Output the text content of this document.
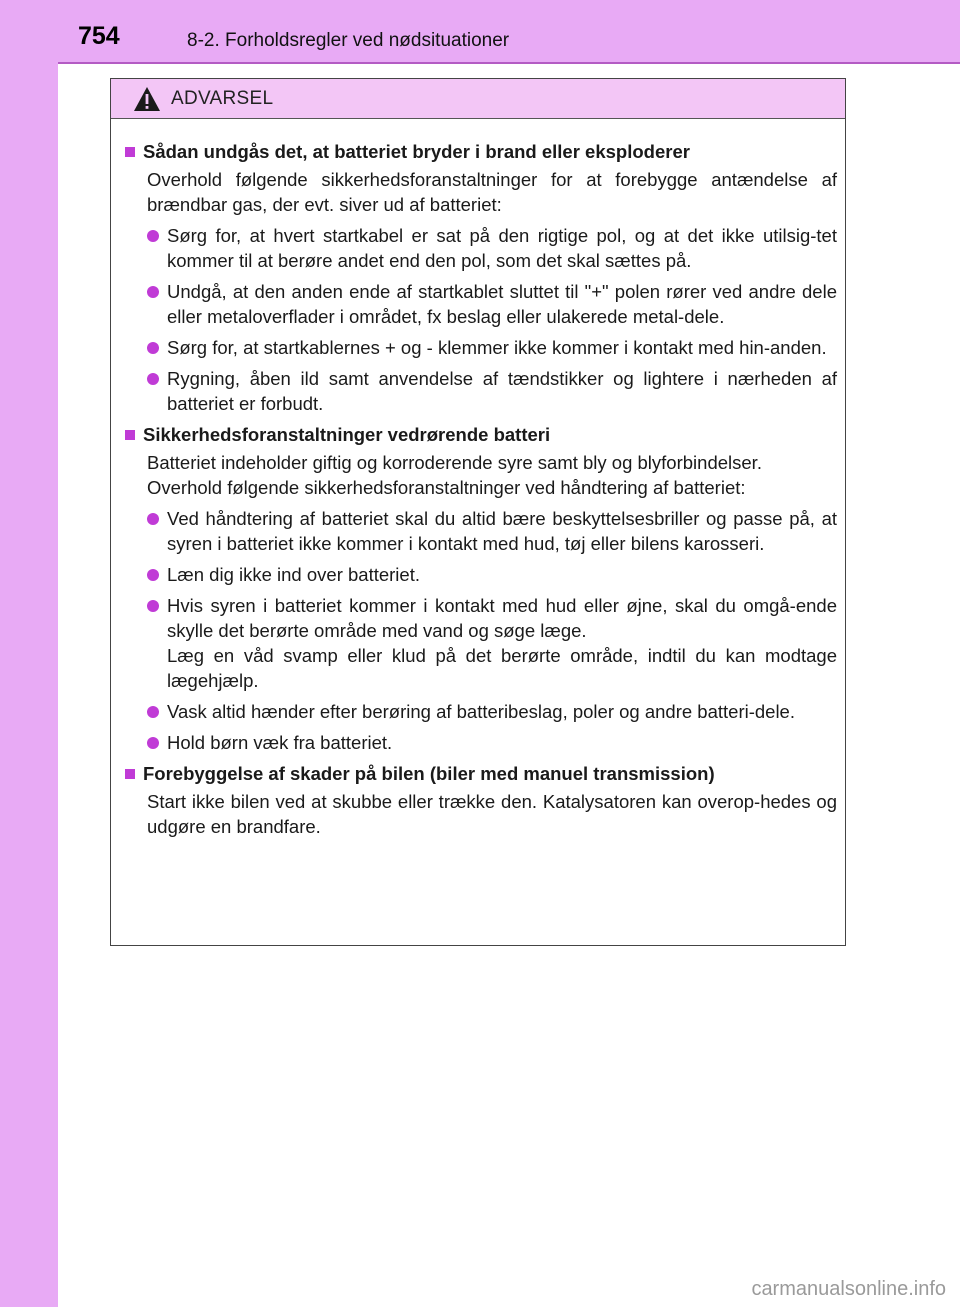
754	8-2. Forholdsregler ved nødsituationer
ADVARSEL
Sådan undgås det, at batteriet bryder i brand eller eksploderer
Overhold følgende sikkerhedsforanstaltninger for at forebygge antændelse af brændbar gas, der evt. siver ud af batteriet:
Sørg for, at hvert startkabel er sat på den rigtige pol, og at det ikke utilsig-tet kommer til at berøre andet end den pol, som det skal sættes på.
Undgå, at den anden ende af startkablet sluttet til "+" polen rører ved andre dele eller metaloverflader i området, fx beslag eller ulakerede metal-dele.
Sørg for, at startkablernes + og - klemmer ikke kommer i kontakt med hin-anden.
Rygning, åben ild samt anvendelse af tændstikker og lightere i nærheden af batteriet er forbudt.
Sikkerhedsforanstaltninger vedrørende batteri
Batteriet indeholder giftig og korroderende syre samt bly og blyforbindelser.
Overhold følgende sikkerhedsforanstaltninger ved håndtering af batteriet:
Ved håndtering af batteriet skal du altid bære beskyttelsesbriller og passe på, at syren i batteriet ikke kommer i kontakt med hud, tøj eller bilens karosseri.
Læn dig ikke ind over batteriet.
Hvis syren i batteriet kommer i kontakt med hud eller øjne, skal du omgå-ende skylle det berørte område med vand og søge læge.
Læg en våd svamp eller klud på det berørte område, indtil du kan modtage lægehjælp.
Vask altid hænder efter berøring af batteribeslag, poler og andre batteri-dele.
Hold børn væk fra batteriet.
Forebyggelse af skader på bilen (biler med manuel transmission)
Start ikke bilen ved at skubbe eller trække den. Katalysatoren kan overop-hedes og udgøre en brandfare.
carmanualsonline.info
